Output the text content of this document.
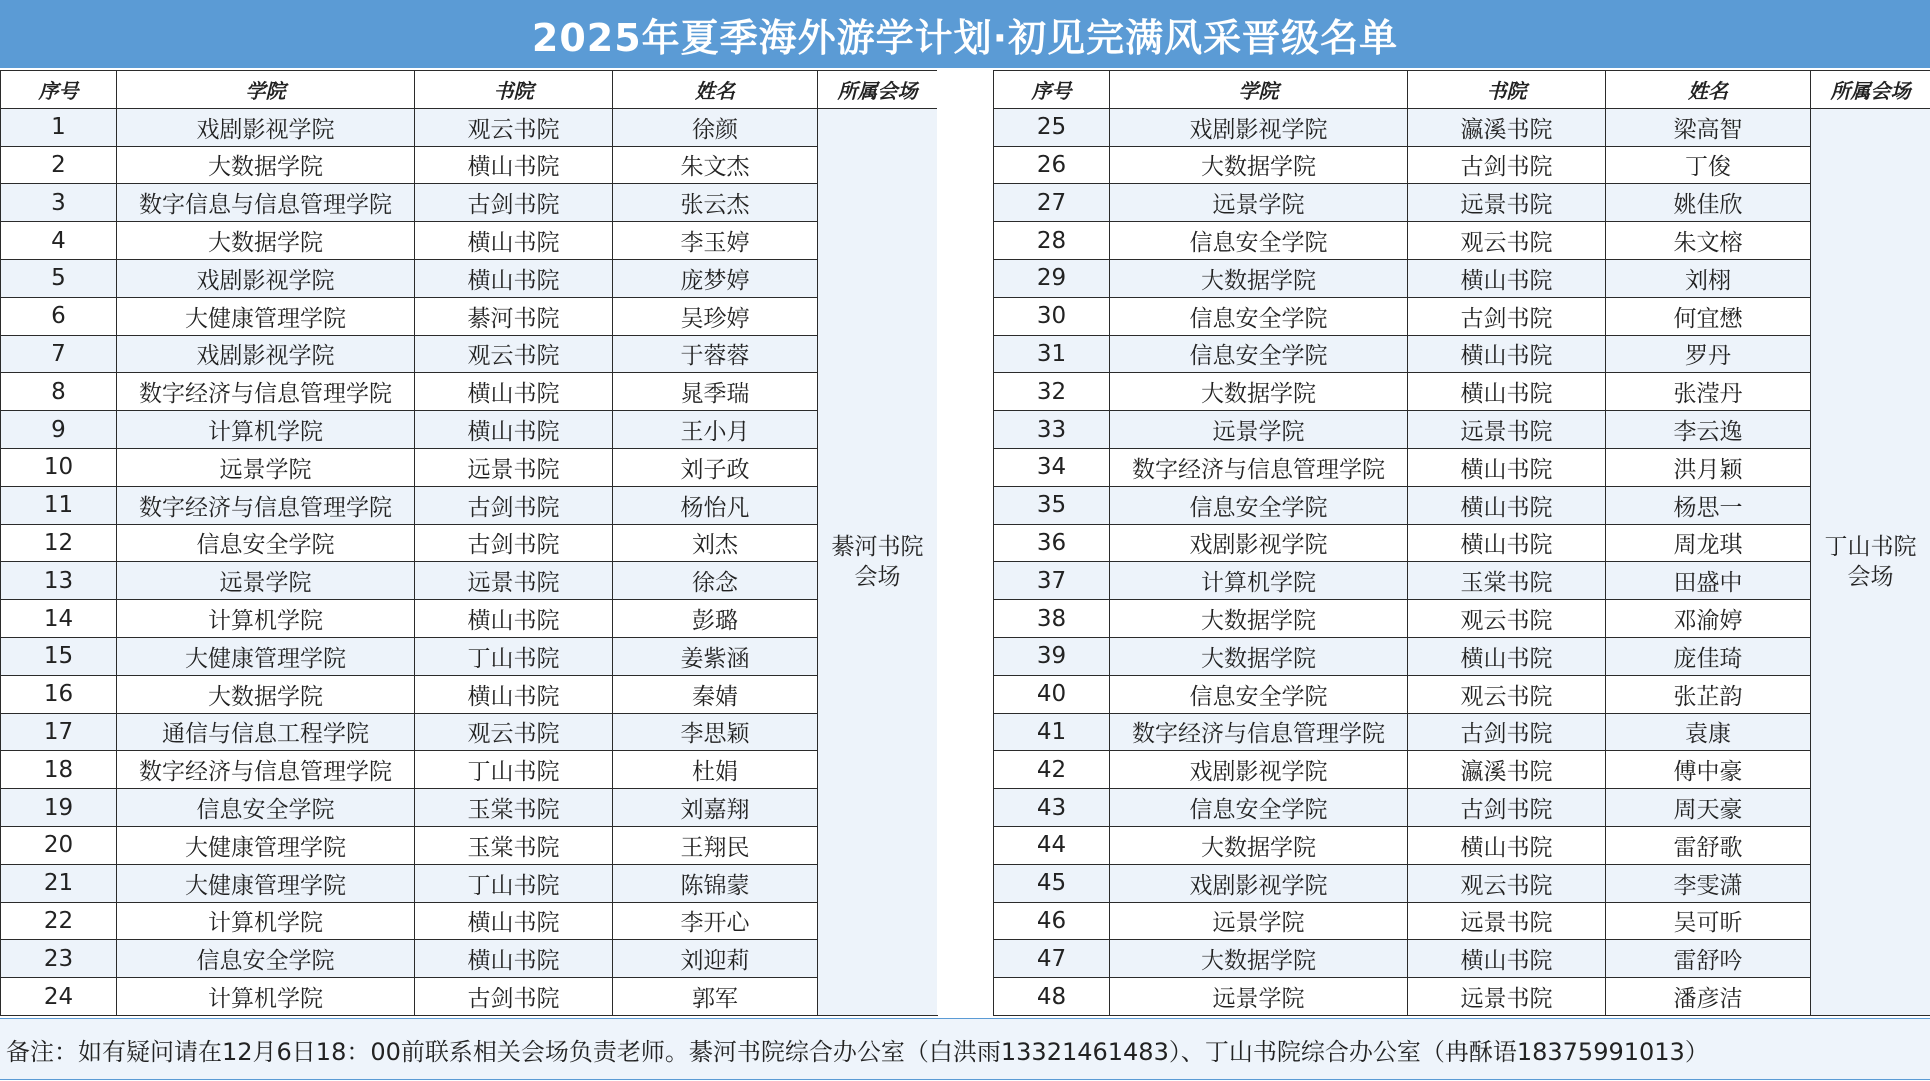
2025年夏季海外游学计划·初见完满风采晋级名单
序号	学院	书院	姓名	所属会场
1	戏剧影视学院	观云书院	徐颜	綦河书院
会场

2	大数据学院	横山书院	朱文杰	
3	数字信息与信息管理学院	古剑书院	张云杰	
4	大数据学院	横山书院	李玉婷	
5	戏剧影视学院	横山书院	庞梦婷	
6	大健康管理学院	綦河书院	吴珍婷	
7	戏剧影视学院	观云书院	于蓉蓉	
8	数字经济与信息管理学院	横山书院	晁季瑞	
9	计算机学院	横山书院	王小月	
10	远景学院	远景书院	刘子政	
11	数字经济与信息管理学院	古剑书院	杨怡凡	
12	信息安全学院	古剑书院	刘杰	
13	远景学院	远景书院	徐念	
14	计算机学院	横山书院	彭璐	
15	大健康管理学院	丁山书院	姜紫涵	
16	大数据学院	横山书院	秦婧	
17	通信与信息工程学院	观云书院	李思颖	
18	数字经济与信息管理学院	丁山书院	杜娟	
19	信息安全学院	玉棠书院	刘嘉翔	
20	大健康管理学院	玉棠书院	王翔民	
21	大健康管理学院	丁山书院	陈锦蒙	
22	计算机学院	横山书院	李开心	
23	信息安全学院	横山书院	刘迎莉	
24	计算机学院	古剑书院	郭军	
序号	学院	书院	姓名	所属会场
25	戏剧影视学院	瀛溪书院	梁高智	丁山书院
会场

26	大数据学院	古剑书院	丁俊	
27	远景学院	远景书院	姚佳欣	
28	信息安全学院	观云书院	朱文榕	
29	大数据学院	横山书院	刘栩	
30	信息安全学院	古剑书院	何宜懋	
31	信息安全学院	横山书院	罗丹	
32	大数据学院	横山书院	张滢丹	
33	远景学院	远景书院	李云逸	
34	数字经济与信息管理学院	横山书院	洪月颖	
35	信息安全学院	横山书院	杨思一	
36	戏剧影视学院	横山书院	周龙琪	
37	计算机学院	玉棠书院	田盛中	
38	大数据学院	观云书院	邓渝婷	
39	大数据学院	横山书院	庞佳琦	
40	信息安全学院	观云书院	张芷韵	
41	数字经济与信息管理学院	古剑书院	袁康	
42	戏剧影视学院	瀛溪书院	傅中豪	
43	信息安全学院	古剑书院	周天豪	
44	大数据学院	横山书院	雷舒歌	
45	戏剧影视学院	观云书院	李雯潇	
46	远景学院	远景书院	吴可昕	
47	大数据学院	横山书院	雷舒吟	
48	远景学院	远景书院	潘彦洁	
备注：如有疑问请在12月6日18：00前联系相关会场负责老师。綦河书院综合办公室（白洪雨13321461483）、丁山书院综合办公室（冉酥语18375991013）
